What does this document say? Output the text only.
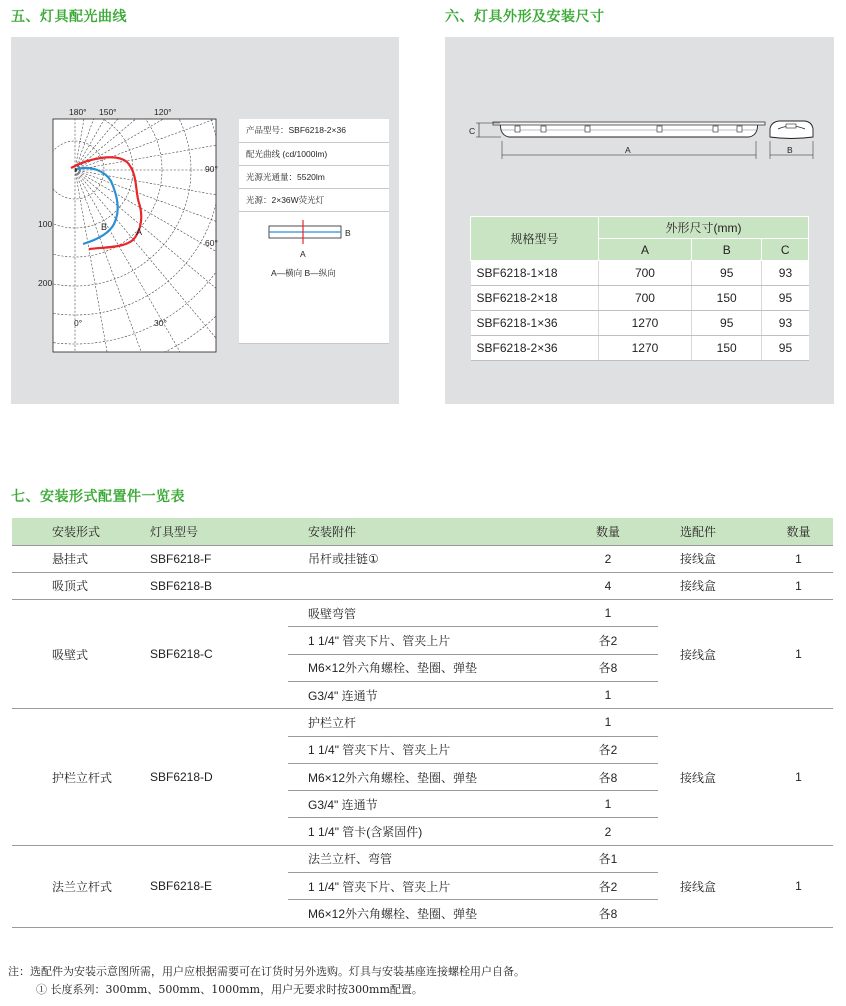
五、灯具配光曲线	六、灯具外形及安装尺寸
七、安装形式配置件一览表
A
B
180° 150°	120°
90°
60°
0°	30°
100
200
产品型号：SBF6218-2×36
配光曲线 (cd/1000lm)
光源光通量：5520lm
光源：2×36W荧光灯

A
B
A—横向 B—纵向
C
A	B
规格型号	外形尺寸(mm)		
	A	B	C
SBF6218-1×18	700	95	93
SBF6218-2×18	700	150	95
SBF6218-1×36	1270	95	93
SBF6218-2×36	1270	150	95
安装形式	灯具型号	安装附件	数量	选配件	数量
悬挂式	SBF6218-F	吊杆或挂链①	2	接线盒	1
吸顶式	SBF6218-B		4	接线盒	1
吸壁式	SBF6218-C	吸壁弯管	1	接线盒	1
		1 1/4" 管夹下片、管夹上片	各2		
		M6×12外六角螺栓、垫圈、弹垫	各8		
		G3/4" 连通节	1		
护栏立杆式	SBF6218-D	护栏立杆	1	接线盒	1
		1 1/4" 管夹下片、管夹上片	各2		
		M6×12外六角螺栓、垫圈、弹垫	各8		
		G3/4" 连通节	1		
		1 1/4" 管卡(含紧固件)	2		
法兰立杆式	SBF6218-E	法兰立杆、弯管	各1	接线盒	1
		1 1/4" 管夹下片、管夹上片	各2		
		M6×12外六角螺栓、垫圈、弹垫	各8		

注：选配件为安装示意图所需，用户应根据需要可在订货时另外选购。灯具与安装基座连接螺栓用户自备。
① 长度系列：300mm、500mm、1000mm，用户无要求时按300mm配置。
